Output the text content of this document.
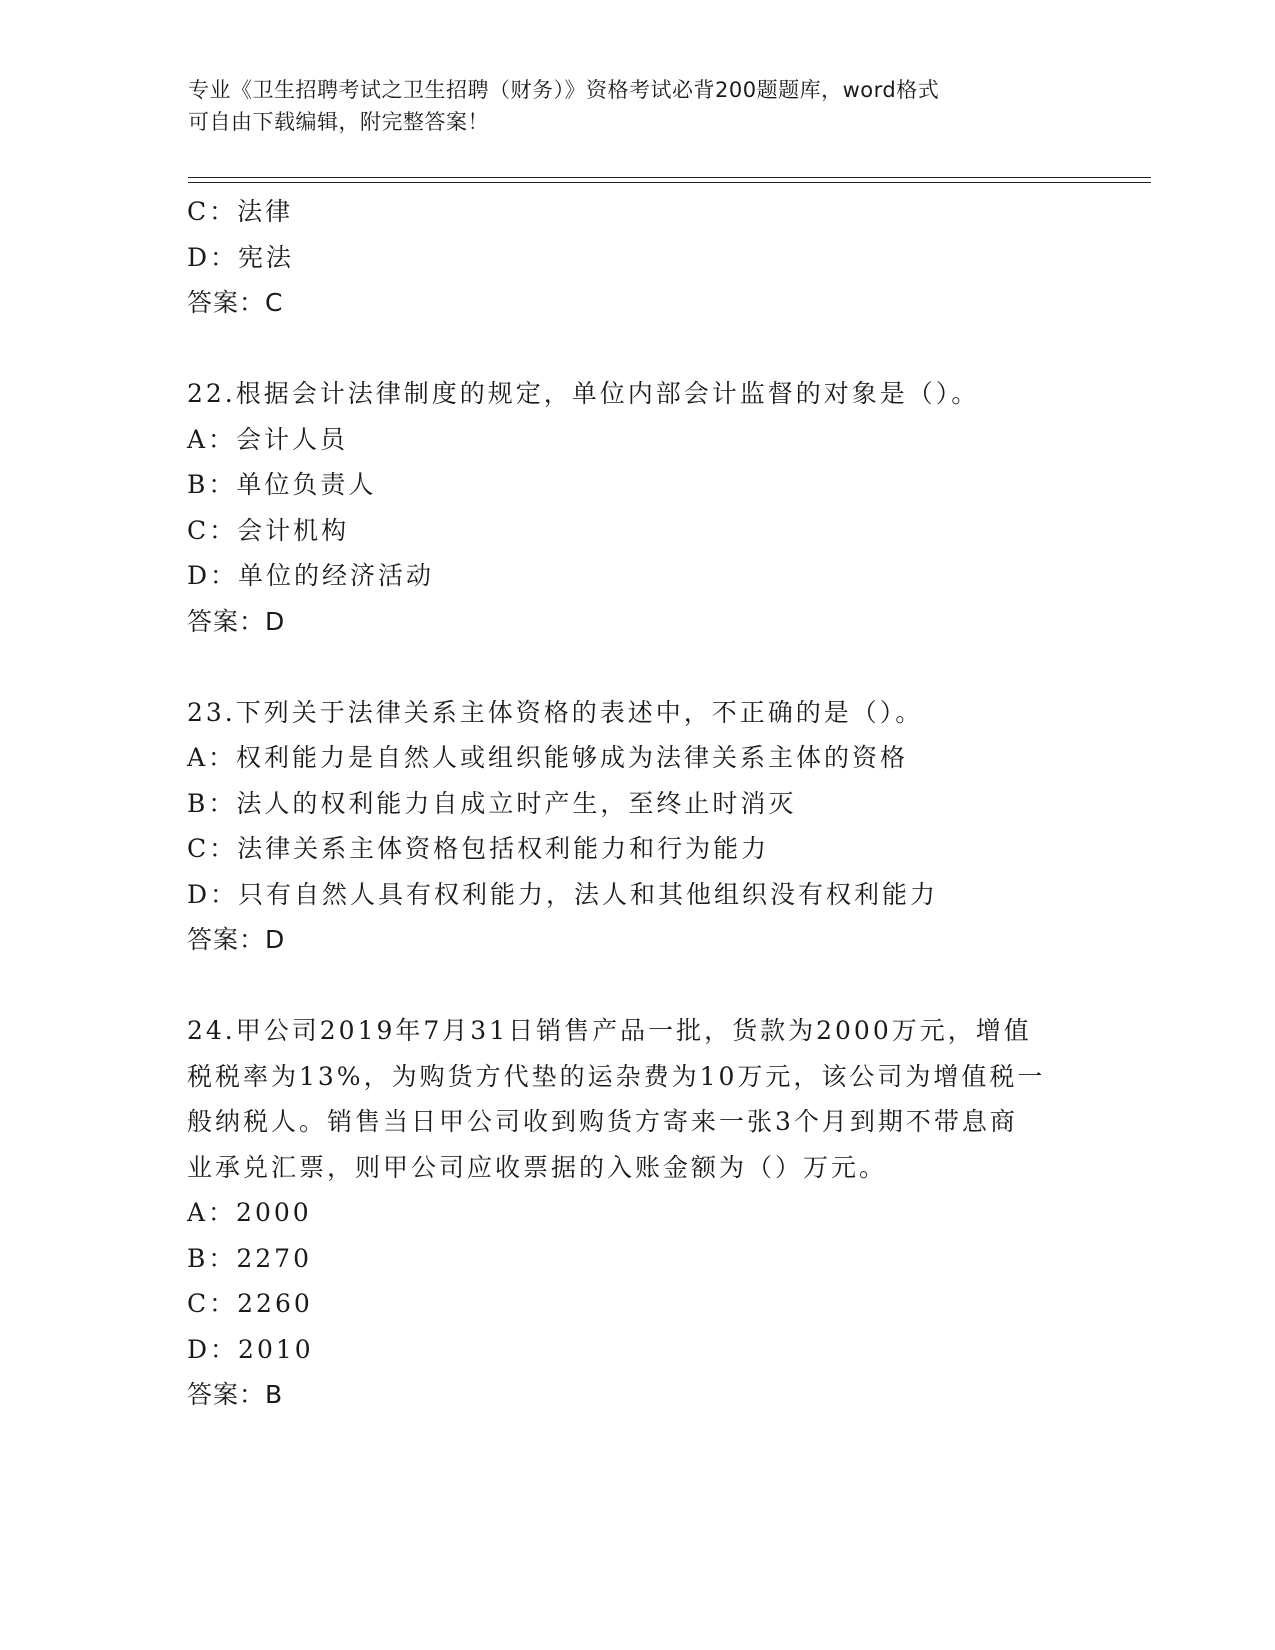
专业《卫生招聘考试之卫生招聘（财务）》资格考试必背200题题库，word格式
可自由下载编辑，附完整答案！
C：法律
D：宪法
答案：C
22.根据会计法律制度的规定，单位内部会计监督的对象是（）。
A：会计人员
B：单位负责人
C：会计机构
D：单位的经济活动
答案：D
23.下列关于法律关系主体资格的表述中，不正确的是（）。
A：权利能力是自然人或组织能够成为法律关系主体的资格
B：法人的权利能力自成立时产生，至终止时消灭
C：法律关系主体资格包括权利能力和行为能力
D：只有自然人具有权利能力，法人和其他组织没有权利能力
答案：D
24.甲公司2019年7月31日销售产品一批，货款为2000万元，增值
税税率为13%，为购货方代垫的运杂费为10万元，该公司为增值税一
般纳税人。销售当日甲公司收到购货方寄来一张3个月到期不带息商
业承兑汇票，则甲公司应收票据的入账金额为（）万元。
A：2000
B：2270
C：2260
D：2010
答案：B
